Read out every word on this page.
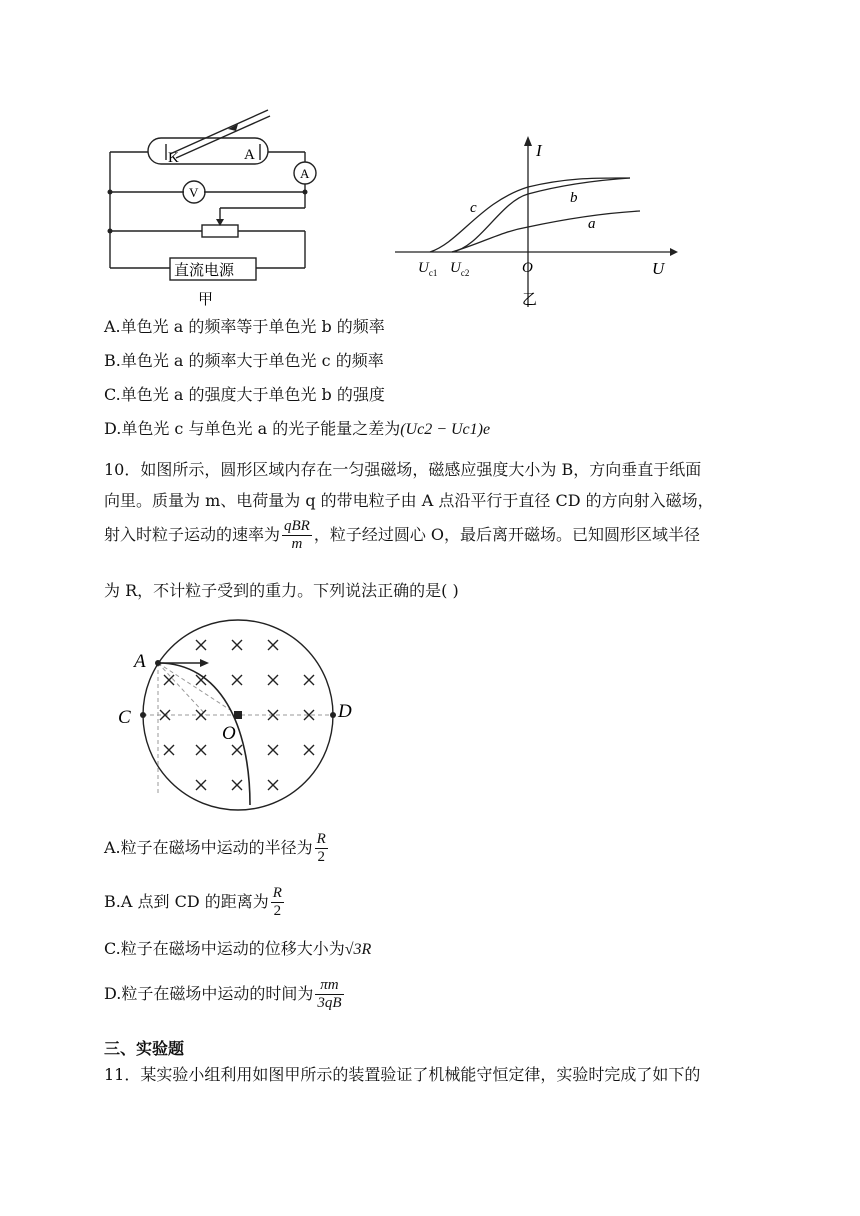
K	A
A
V
直流电源
甲
I
U
O
$U_{c1}$ $U_{c2}$
c
b
a
乙
A.单色光 a 的频率等于单色光 b 的频率
B.单色光 a 的频率大于单色光 c 的频率
C.单色光 a 的强度大于单色光 b 的强度
D.单色光 c 与单色光 a 的光子能量之差为(Uc2 − Uc1)e
10．如图所示，圆形区域内存在一匀强磁场，磁感应强度大小为 B，方向垂直于纸面
向里。质量为 m、电荷量为 q 的带电粒子由 A 点沿平行于直径 CD 的方向射入磁场，
射入时粒子运动的速率为 $\frac{\text{qBR}}{m}$ ，粒子经过圆心 O，最后离开磁场。已知圆形区域半径
为 R，不计粒子受到的重力。下列说法正确的是( )
A
C	D
O
A.粒子在磁场中运动的半径为 $\frac{R}{2}$
B.A 点到 CD 的距离为 $\frac{R}{2}$
C.粒子在磁场中运动的位移大小为√3R
D.粒子在磁场中运动的时间为 $\frac{\pi m}{3qB}$
三、实验题
11．某实验小组利用如图甲所示的装置验证了机械能守恒定律，实验时完成了如下的
